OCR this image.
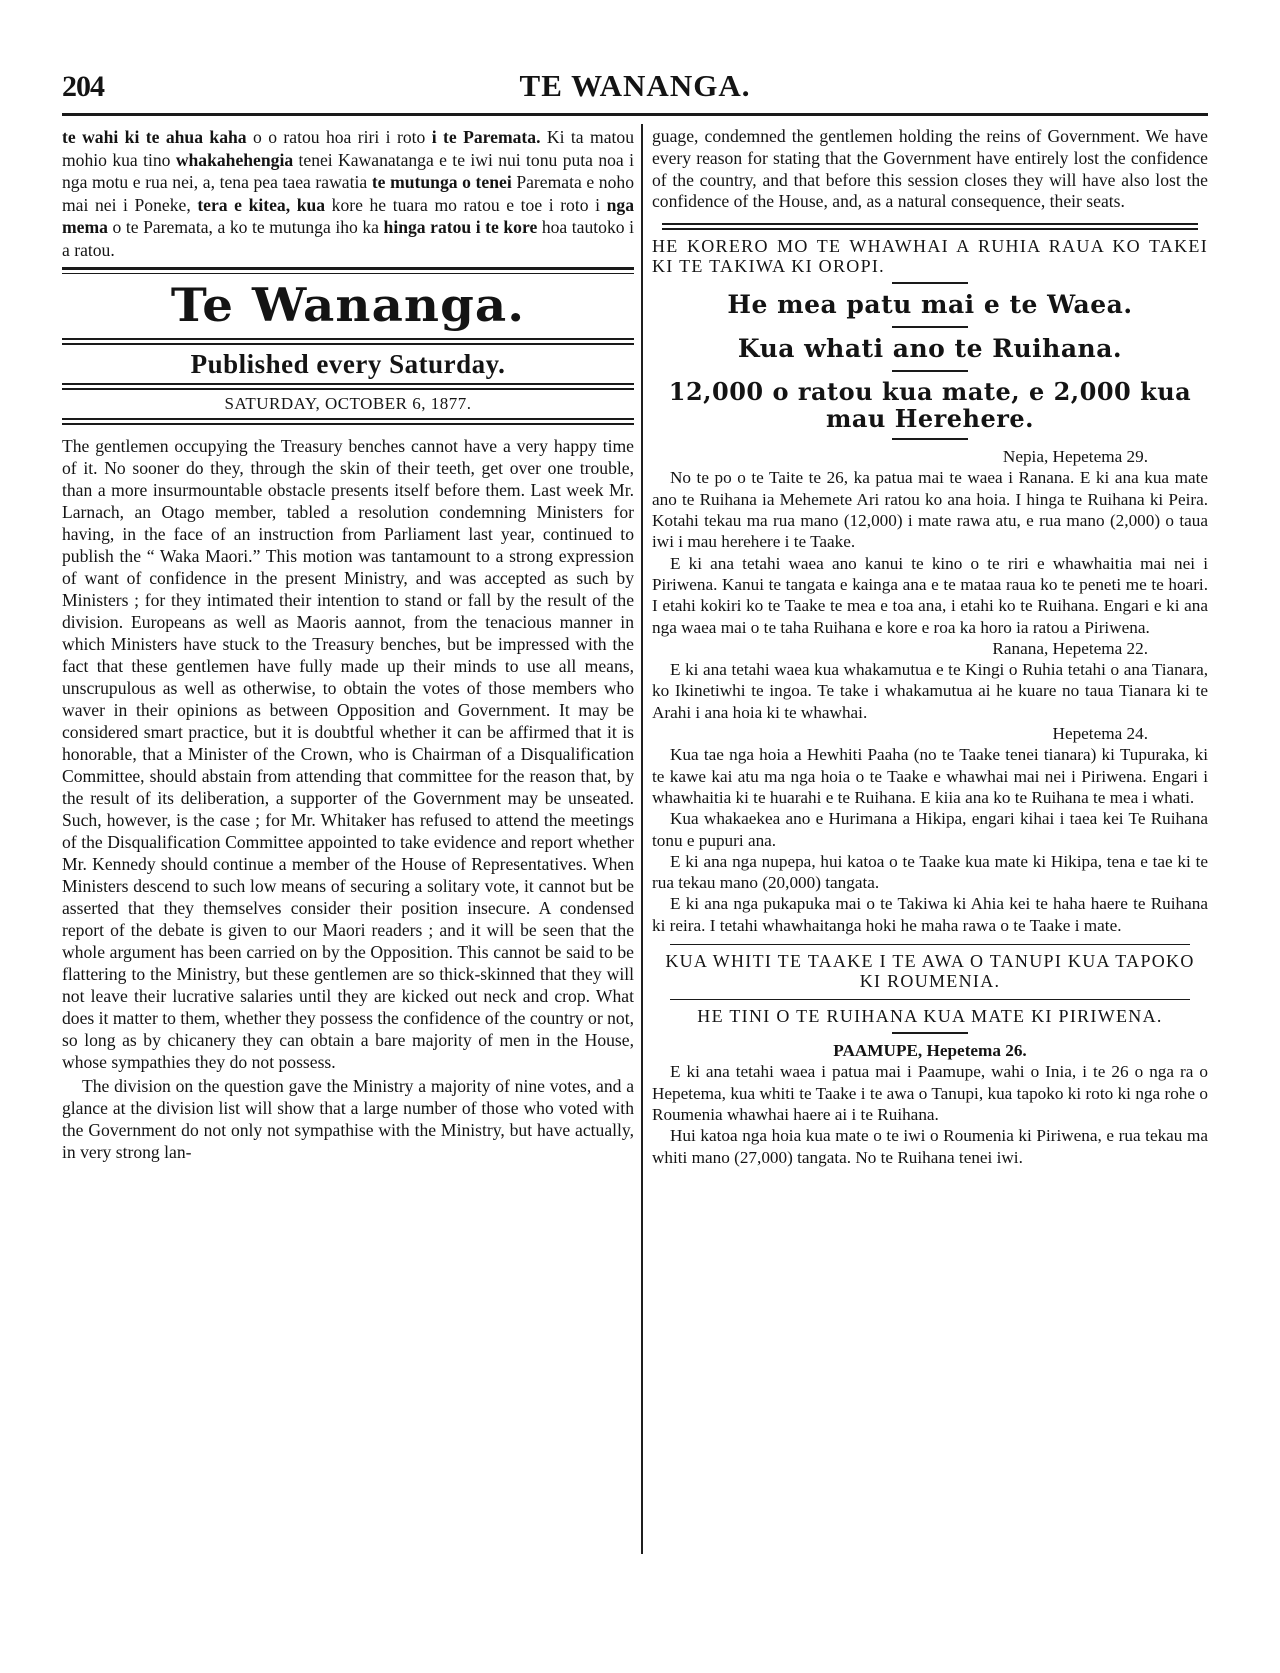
204	TE WANANGA.

te wahi ki te ahua kaha o o ratou hoa riri i roto i te Paremata. Ki ta matou mohio kua tino whakahehengia tenei Kawanatanga e te iwi nui tonu puta noa i nga motu e rua nei, a, tena pea taea rawatia te mutunga o tenei Paremata e noho mai nei i Poneke, tera e kitea, kua kore he tuara mo ratou e toe i roto i nga mema o te Paremata, a ko te mutunga iho ka hinga ratou i te kore hoa tautoko i a ratou.

Te Wananga.
Published every Saturday.
SATURDAY, OCTOBER 6, 1877.

The gentlemen occupying the Treasury benches cannot have a very happy time of it. No sooner do they, through the skin of their teeth, get over one trouble, than a more insurmountable obstacle presents itself before them. Last week Mr. Larnach, an Otago member, tabled a resolution condemning Ministers for having, in the face of an instruction from Parliament last year, continued to publish the “ Waka Maori.” This motion was tantamount to a strong expression of want of confidence in the present Ministry, and was accepted as such by Ministers ; for they intimated their intention to stand or fall by the result of the division. Europeans as well as Maoris aannot, from the tenacious manner in which Ministers have stuck to the Treasury benches, but be impressed with the fact that these gentlemen have fully made up their minds to use all means, unscrupulous as well as otherwise, to obtain the votes of those members who waver in their opinions as between Opposition and Government. It may be considered smart practice, but it is doubtful whether it can be affirmed that it is honorable, that a Minister of the Crown, who is Chairman of a Disqualification Committee, should abstain from attending that committee for the reason that, by the result of its deliberation, a supporter of the Government may be unseated. Such, however, is the case ; for Mr. Whitaker has refused to attend the meetings of the Disqualification Committee appointed to take evidence and report whether Mr. Kennedy should continue a member of the House of Representatives. When Ministers descend to such low means of securing a solitary vote, it cannot but be asserted that they themselves consider their position insecure. A condensed report of the debate is given to our Maori readers ; and it will be seen that the whole argument has been carried on by the Opposition. This cannot be said to be flattering to the Ministry, but these gentlemen are so thick-skinned that they will not leave their lucrative salaries until they are kicked out neck and crop. What does it matter to them, whether they possess the confidence of the country or not, so long as by chicanery they can obtain a bare majority of men in the House, whose sympathies they do not possess.

The division on the question gave the Ministry a majority of nine votes, and a glance at the division list will show that a large number of those who voted with the Government do not only not sympathise with the Ministry, but have actually, in very strong lan-

guage, condemned the gentlemen holding the reins of Government. We have every reason for stating that the Government have entirely lost the confidence of the country, and that before this session closes they will have also lost the confidence of the House, and, as a natural consequence, their seats.

HE KORERO MO TE WHAWHAI A RUHIA RAUA KO TAKEI KI TE TAKIWA KI OROPI.

He mea patu mai e te Waea.
Kua whati ano te Ruihana.
12,000 o ratou kua mate, e 2,000 kua mau Herehere.

Nepia, Hepetema 29.

No te po o te Taite te 26, ka patua mai te waea i Ranana. E ki ana kua mate ano te Ruihana ia Mehemete Ari ratou ko ana hoia. I hinga te Ruihana ki Peira. Kotahi tekau ma rua mano (12,000) i mate rawa atu, e rua mano (2,000) o taua iwi i mau herehere i te Taake.

E ki ana tetahi waea ano kanui te kino o te riri e whawhaitia mai nei i Piriwena. Kanui te tangata e kainga ana e te mataa raua ko te peneti me te hoari. I etahi kokiri ko te Taake te mea e toa ana, i etahi ko te Ruihana. Engari e ki ana nga waea mai o te taha Ruihana e kore e roa ka horo ia ratou a Piriwena.

Ranana, Hepetema 22.

E ki ana tetahi waea kua whakamutua e te Kingi o Ruhia tetahi o ana Tianara, ko Ikinetiwhi te ingoa. Te take i whakamutua ai he kuare no taua Tianara ki te Arahi i ana hoia ki te whawhai.

Hepetema 24.

Kua tae nga hoia a Hewhiti Paaha (no te Taake tenei tianara) ki Tupuraka, ki te kawe kai atu ma nga hoia o te Taake e whawhai mai nei i Piriwena. Engari i whawhaitia ki te huarahi e te Ruihana. E kiia ana ko te Ruihana te mea i whati.

Kua whakaekea ano e Hurimana a Hikipa, engari kihai i taea kei Te Ruihana tonu e pupuri ana.

E ki ana nga nupepa, hui katoa o te Taake kua mate ki Hikipa, tena e tae ki te rua tekau mano (20,000) tangata.

E ki ana nga pukapuka mai o te Takiwa ki Ahia kei te haha haere te Ruihana ki reira. I tetahi whawhaitanga hoki he maha rawa o te Taake i mate.

KUA WHITI TE TAAKE I TE AWA O TANUPI KUA TAPOKO KI ROUMENIA.

HE TINI O TE RUIHANA KUA MATE KI PIRIWENA.

PAAMUPE, Hepetema 26.

E ki ana tetahi waea i patua mai i Paamupe, wahi o Inia, i te 26 o nga ra o Hepetema, kua whiti te Taake i te awa o Tanupi, kua tapoko ki roto ki nga rohe o Roumenia whawhai haere ai i te Ruihana.

Hui katoa nga hoia kua mate o te iwi o Roumenia ki Piriwena, e rua tekau ma whiti mano (27,000) tangata. No te Ruihana tenei iwi.
